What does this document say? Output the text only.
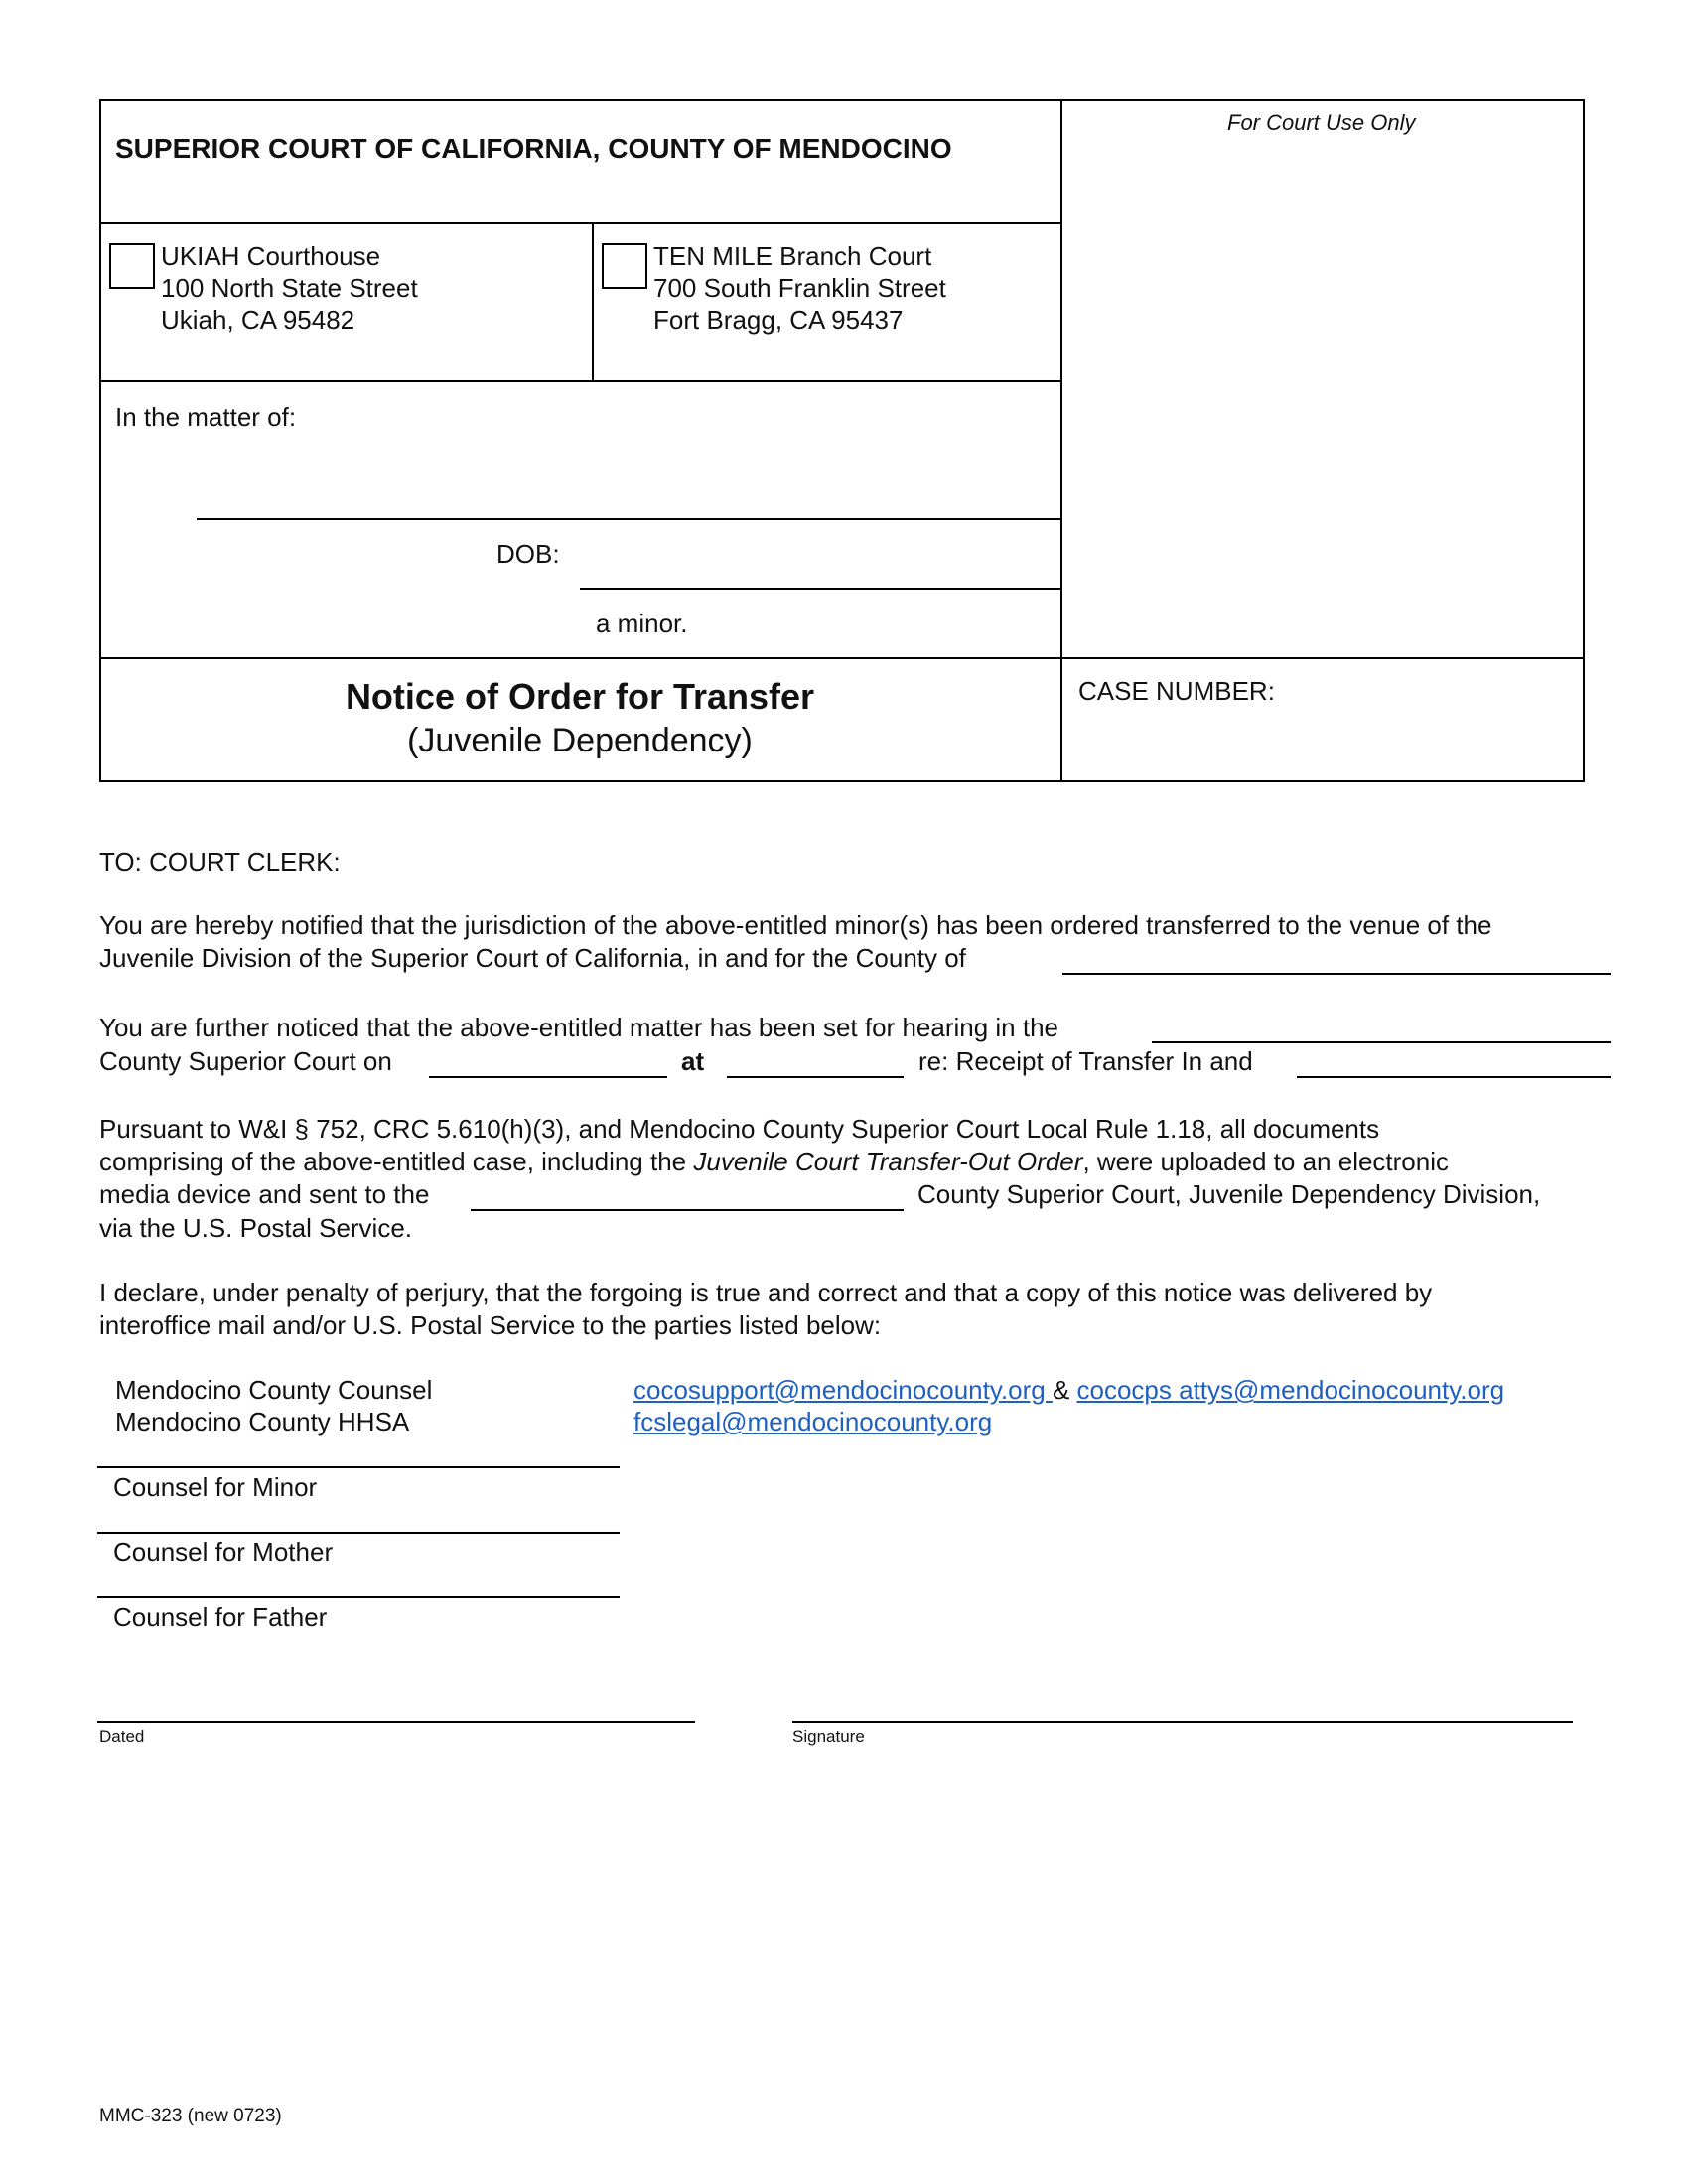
SUPERIOR COURT OF CALIFORNIA, COUNTY OF MENDOCINO
For Court Use Only
UKIAH Courthouse
100 North State Street
Ukiah, CA 95482
TEN MILE Branch Court
700 South Franklin Street
Fort Bragg, CA 95437
In the matter of:
DOB:
a minor.
Notice of Order for Transfer
(Juvenile Dependency)
CASE NUMBER:
TO: COURT CLERK:
You are hereby notified that the jurisdiction of the above-entitled minor(s) has been ordered transferred to the venue of the
Juvenile Division of the Superior Court of California, in and for the County of
You are further noticed that the above-entitled matter has been set for hearing in the
County Superior Court on	at	re: Receipt of Transfer In and
Pursuant to W&I § 752, CRC 5.610(h)(3), and Mendocino County Superior Court Local Rule 1.18, all documents
comprising of the above-entitled case, including the Juvenile Court Transfer-Out Order, were uploaded to an electronic
media device and sent to the	County Superior Court, Juvenile Dependency Division,
via the U.S. Postal Service.
I declare, under penalty of perjury, that the forgoing is true and correct and that a copy of this notice was delivered by
interoffice mail and/or U.S. Postal Service to the parties listed below:
Mendocino County Counsel
Mendocino County HHSA
cocosupport@mendocinocounty.org & cococps attys@mendocinocounty.org
fcslegal@mendocinocounty.org
Counsel for Minor
Counsel for Mother
Counsel for Father
Dated	Signature
MMC-323 (new 0723)
